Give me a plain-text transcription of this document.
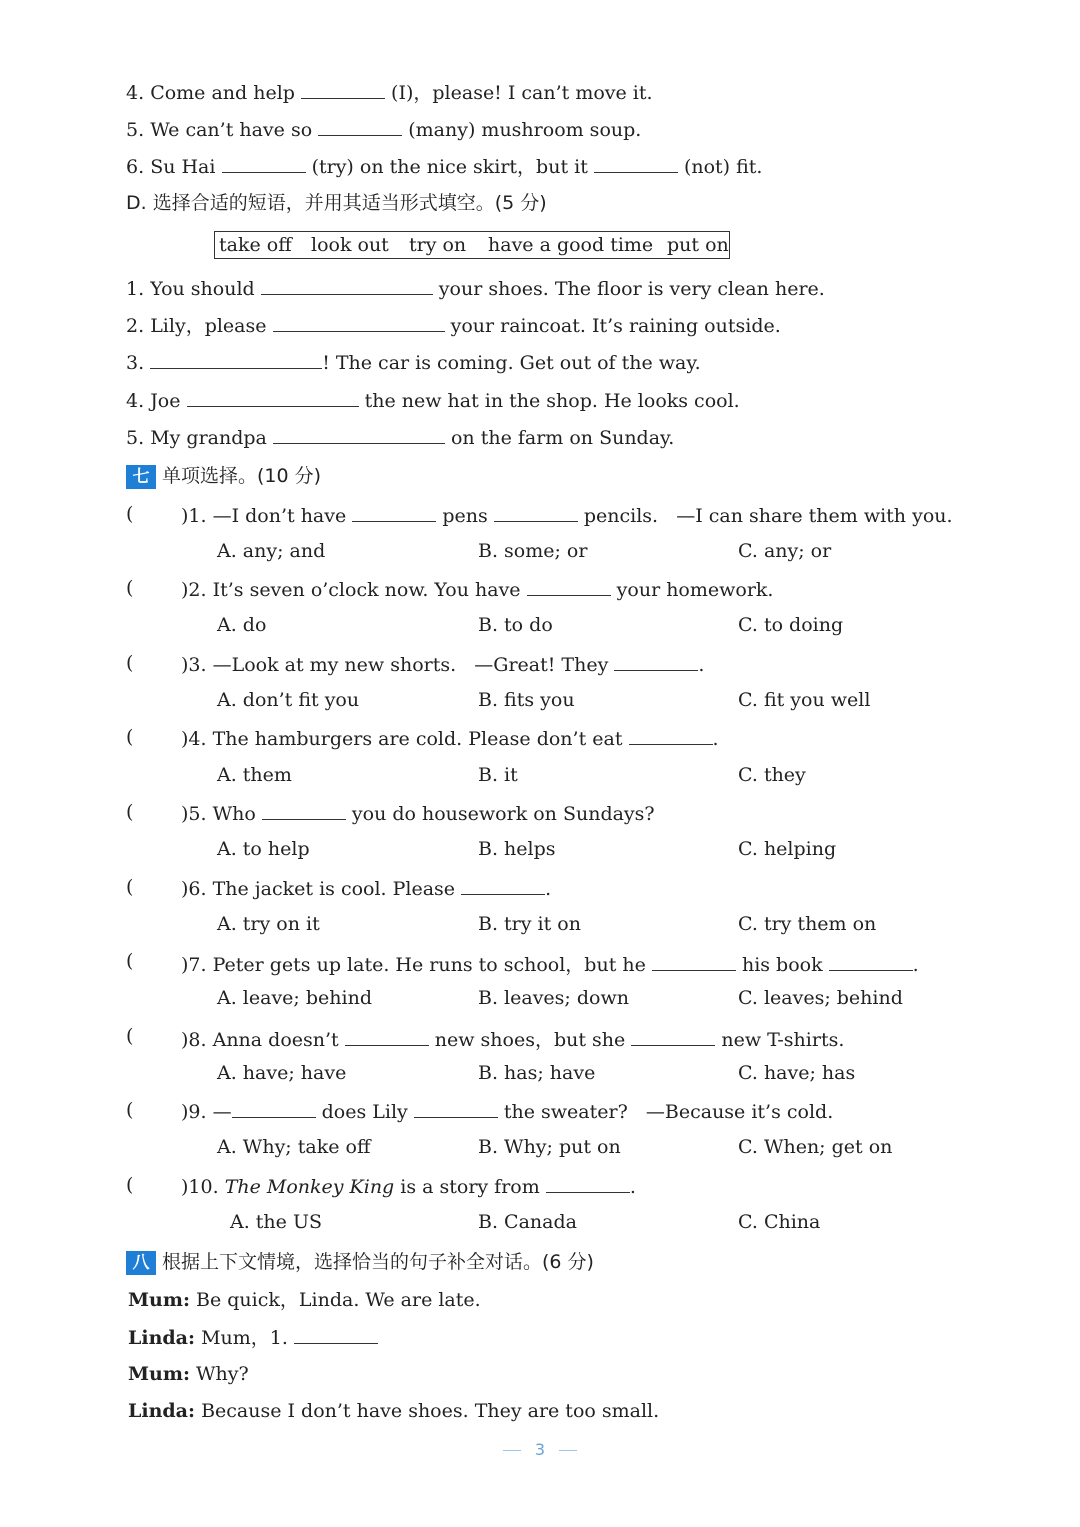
4. Come and help	(I)，please! I can’t move it.
5. We can’t have so	(many) mushroom soup.
6. Su Hai	(try) on the nice skirt，but it	(not) fit.
D. 选择合适的短语，并用其适当形式填空。(5 分)
take off look out try on have a good time put on
1. You should	your shoes. The floor is very clean here.
2. Lily，please	your raincoat. It’s raining outside.
3.	! The car is coming. Get out of the way.
4. Joe	the new hat in the shop. He looks cool.
5. My grandpa	on the farm on Sunday.
七 单项选择。(10 分)
(	)1. —I don’t have	pens	pencils. —I can share them with you.
A. any; and	B. some; or	C. any; or
(	)2. It’s seven o’clock now. You have	your homework.
A. do	B. to do	C. to doing
(	)3. —Look at my new shorts. —Great! They	.
A. don’t fit you	B. fits you	C. fit you well
(	)4. The hamburgers are cold. Please don’t eat	.
A. them	B. it	C. they
(	)5. Who	you do housework on Sundays?
A. to help	B. helps	C. helping
(	)6. The jacket is cool. Please	.
A. try on it	B. try it on	C. try them on
(	)7. Peter gets up late. He runs to school，but he	his book	.
A. leave; behind	B. leaves; down	C. leaves; behind
(	)8. Anna doesn’t	new shoes，but she	new T-shirts.
A. have; have	B. has; have	C. have; has
(	)9. —	does Lily	the sweater? —Because it’s cold.
A. Why; take off	B. Why; put on	C. When; get on
(	)10. The Monkey King is a story from	.
A. the US	B. Canada	C. China
八 根据上下文情境，选择恰当的句子补全对话。(6 分)
Mum: Be quick，Linda. We are late.
Linda: Mum，1.
Mum: Why?
Linda: Because I don’t have shoes. They are too small.
3
